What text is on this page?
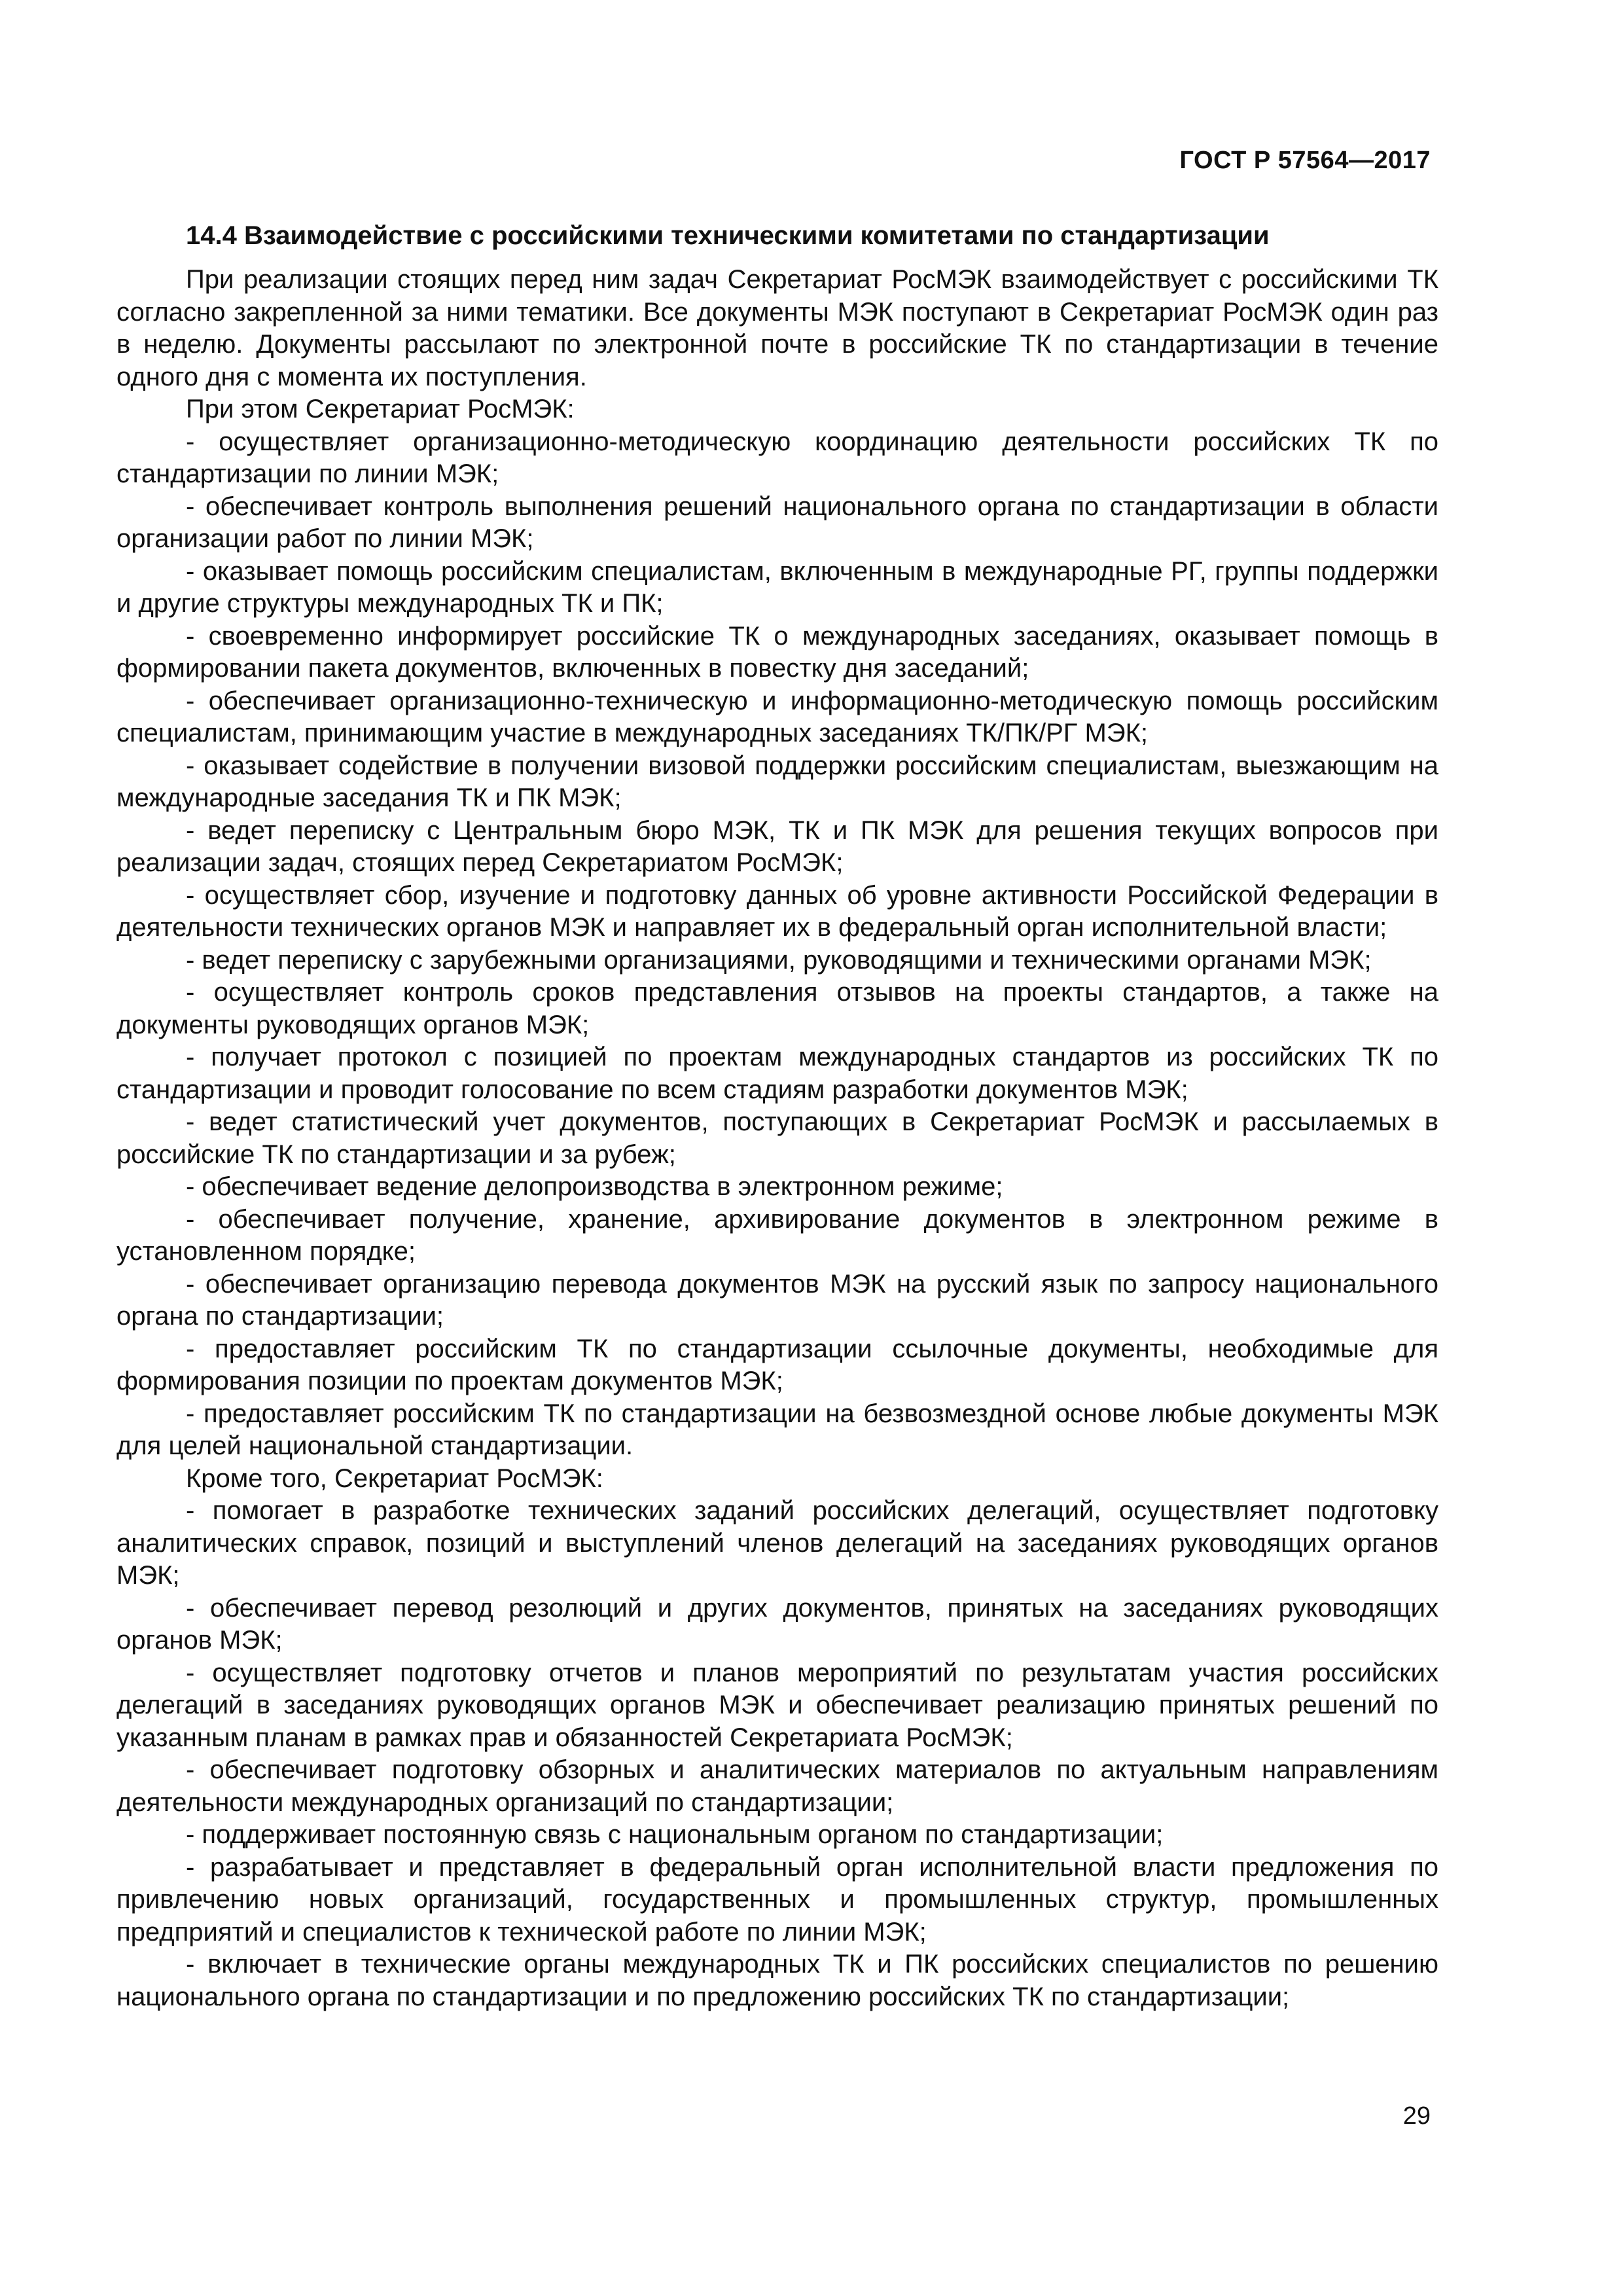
ГОСТ Р 57564—2017
14.4 Взаимодействие с российскими техническими комитетами по стандартизации

При реализации стоящих перед ним задач Секретариат РосМЭК взаимодействует с российскими ТК согласно закрепленной за ними тематики. Все документы МЭК поступают в Секретариат РосМЭК один раз в неделю. Документы рассылают по электронной почте в российские ТК по стандартизации в течение одного дня с момента их поступления.

При этом Секретариат РосМЭК:

- осуществляет организационно-методическую координацию деятельности российских ТК по стандартизации по линии МЭК;

- обеспечивает контроль выполнения решений национального органа по стандартизации в области организации работ по линии МЭК;

- оказывает помощь российским специалистам, включенным в международные РГ, группы поддержки и другие структуры международных ТК и ПК;

- своевременно информирует российские ТК о международных заседаниях, оказывает помощь в формировании пакета документов, включенных в повестку дня заседаний;

- обеспечивает организационно-техническую и информационно-методическую помощь российским специалистам, принимающим участие в международных заседаниях ТК/ПК/РГ МЭК;

- оказывает содействие в получении визовой поддержки российским специалистам, выезжающим на международные заседания ТК и ПК МЭК;

- ведет переписку с Центральным бюро МЭК, ТК и ПК МЭК для решения текущих вопросов при реализации задач, стоящих перед Секретариатом РосМЭК;

- осуществляет сбор, изучение и подготовку данных об уровне активности Российской Федерации в деятельности технических органов МЭК и направляет их в федеральный орган исполнительной власти;

- ведет переписку с зарубежными организациями, руководящими и техническими органами МЭК;

- осуществляет контроль сроков представления отзывов на проекты стандартов, а также на документы руководящих органов МЭК;

- получает протокол с позицией по проектам международных стандартов из российских ТК по стандартизации и проводит голосование по всем стадиям разработки документов МЭК;

- ведет статистический учет документов, поступающих в Секретариат РосМЭК и рассылаемых в российские ТК по стандартизации и за рубеж;

- обеспечивает ведение делопроизводства в электронном режиме;

- обеспечивает получение, хранение, архивирование документов в электронном режиме в установленном порядке;

- обеспечивает организацию перевода документов МЭК на русский язык по запросу национального органа по стандартизации;

- предоставляет российским ТК по стандартизации ссылочные документы, необходимые для формирования позиции по проектам документов МЭК;

- предоставляет российским ТК по стандартизации на безвозмездной основе любые документы МЭК для целей национальной стандартизации.

Кроме того, Секретариат РосМЭК:

- помогает в разработке технических заданий российских делегаций, осуществляет подготовку аналитических справок, позиций и выступлений членов делегаций на заседаниях руководящих органов МЭК;

- обеспечивает перевод резолюций и других документов, принятых на заседаниях руководящих органов МЭК;

- осуществляет подготовку отчетов и планов мероприятий по результатам участия российских делегаций в заседаниях руководящих органов МЭК и обеспечивает реализацию принятых решений по указанным планам в рамках прав и обязанностей Секретариата РосМЭК;

- обеспечивает подготовку обзорных и аналитических материалов по актуальным направлениям деятельности международных организаций по стандартизации;

- поддерживает постоянную связь с национальным органом по стандартизации;

- разрабатывает и представляет в федеральный орган исполнительной власти предложения по привлечению новых организаций, государственных и промышленных структур, промышленных предприятий и специалистов к технической работе по линии МЭК;

- включает в технические органы международных ТК и ПК российских специалистов по решению национального органа по стандартизации и по предложению российских ТК по стандартизации;

29
